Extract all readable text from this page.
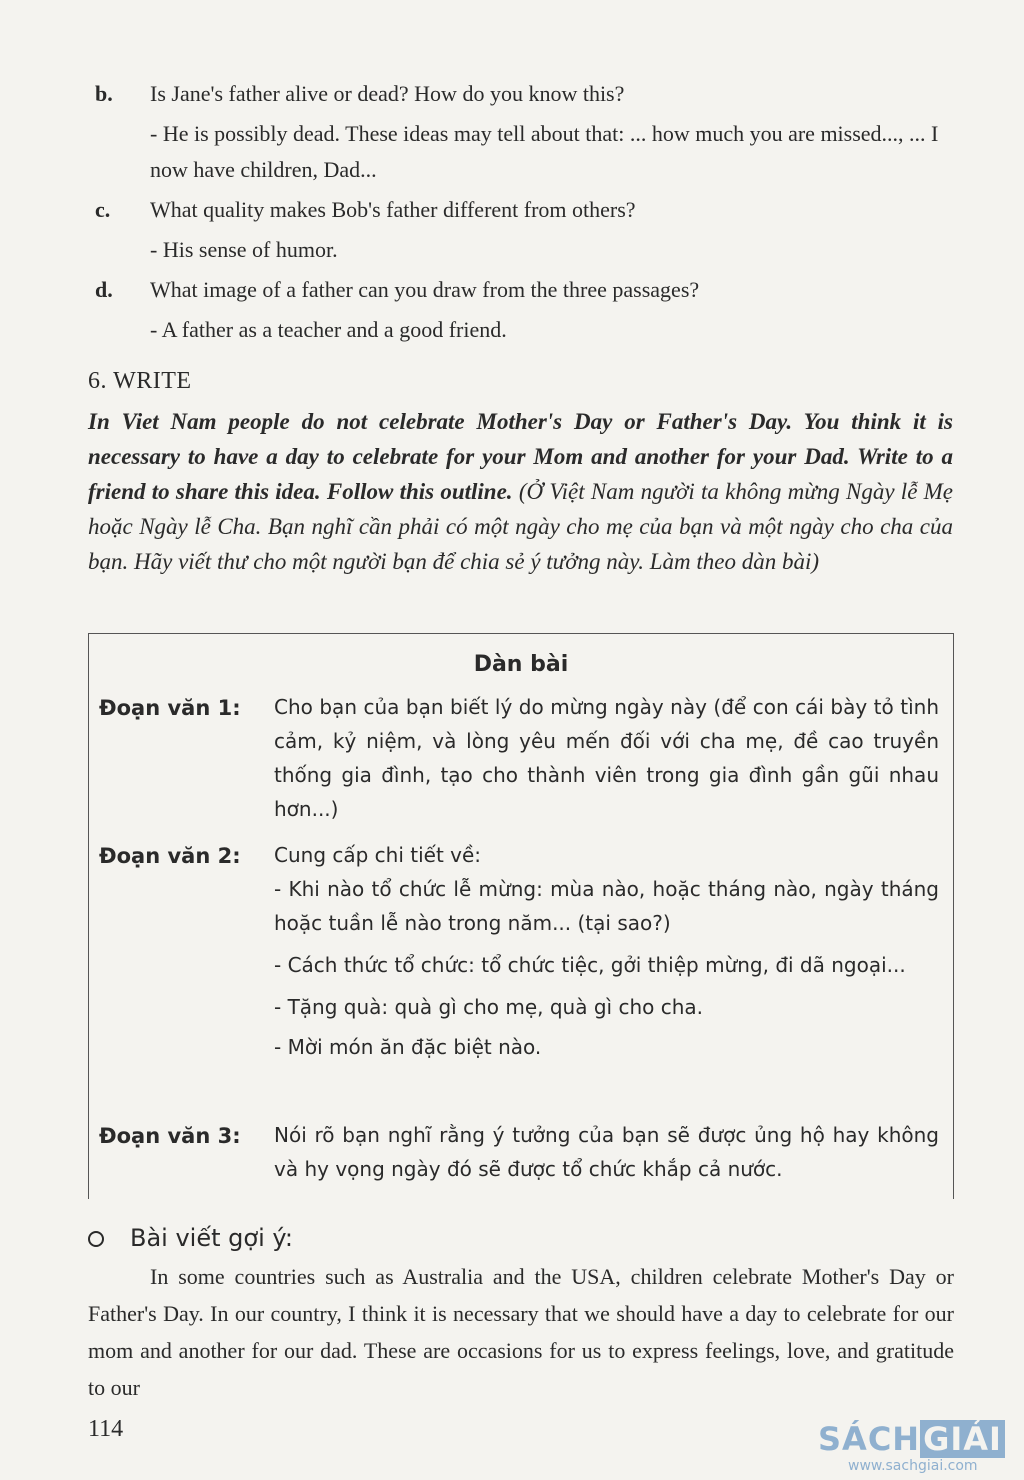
b. Is Jane's father alive or dead? How do you know this?
- He is possibly dead. These ideas may tell about that: ... how much you are missed..., ... I now have children, Dad...
c. What quality makes Bob's father different from others?
- His sense of humor.
d. What image of a father can you draw from the three passages?
- A father as a teacher and a good friend.
6. WRITE
In Viet Nam people do not celebrate Mother's Day or Father's Day. You think it is necessary to have a day to celebrate for your Mom and another for your Dad. Write to a friend to share this idea. Follow this outline. (Ở Việt Nam người ta không mừng Ngày lễ Mẹ hoặc Ngày lễ Cha. Bạn nghĩ cần phải có một ngày cho mẹ của bạn và một ngày cho cha của bạn. Hãy viết thư cho một người bạn để chia sẻ ý tưởng này. Làm theo dàn bài)
Dàn bài
Đoạn văn 1: Cho bạn của bạn biết lý do mừng ngày này (để con cái bày tỏ tình cảm, kỷ niệm, và lòng yêu mến đối với cha mẹ, đề cao truyền thống gia đình, tạo cho thành viên trong gia đình gần gũi nhau hơn...)
Đoạn văn 2: Cung cấp chi tiết về:
- Khi nào tổ chức lễ mừng: mùa nào, hoặc tháng nào, ngày tháng hoặc tuần lễ nào trong năm... (tại sao?)
- Cách thức tổ chức: tổ chức tiệc, gởi thiệp mừng, đi dã ngoại...
- Tặng quà: quà gì cho mẹ, quà gì cho cha.
- Mời món ăn đặc biệt nào.
Đoạn văn 3: Nói rõ bạn nghĩ rằng ý tưởng của bạn sẽ được ủng hộ hay không và hy vọng ngày đó sẽ được tổ chức khắp cả nước.
Bài viết gợi ý:
In some countries such as Australia and the USA, children celebrate Mother's Day or Father's Day. In our country, I think it is necessary that we should have a day to celebrate for our mom and another for our dad. These are occasions for us to express feelings, love, and gratitude to our
114	SÁCHGIẢI
www.sachgiai.com
